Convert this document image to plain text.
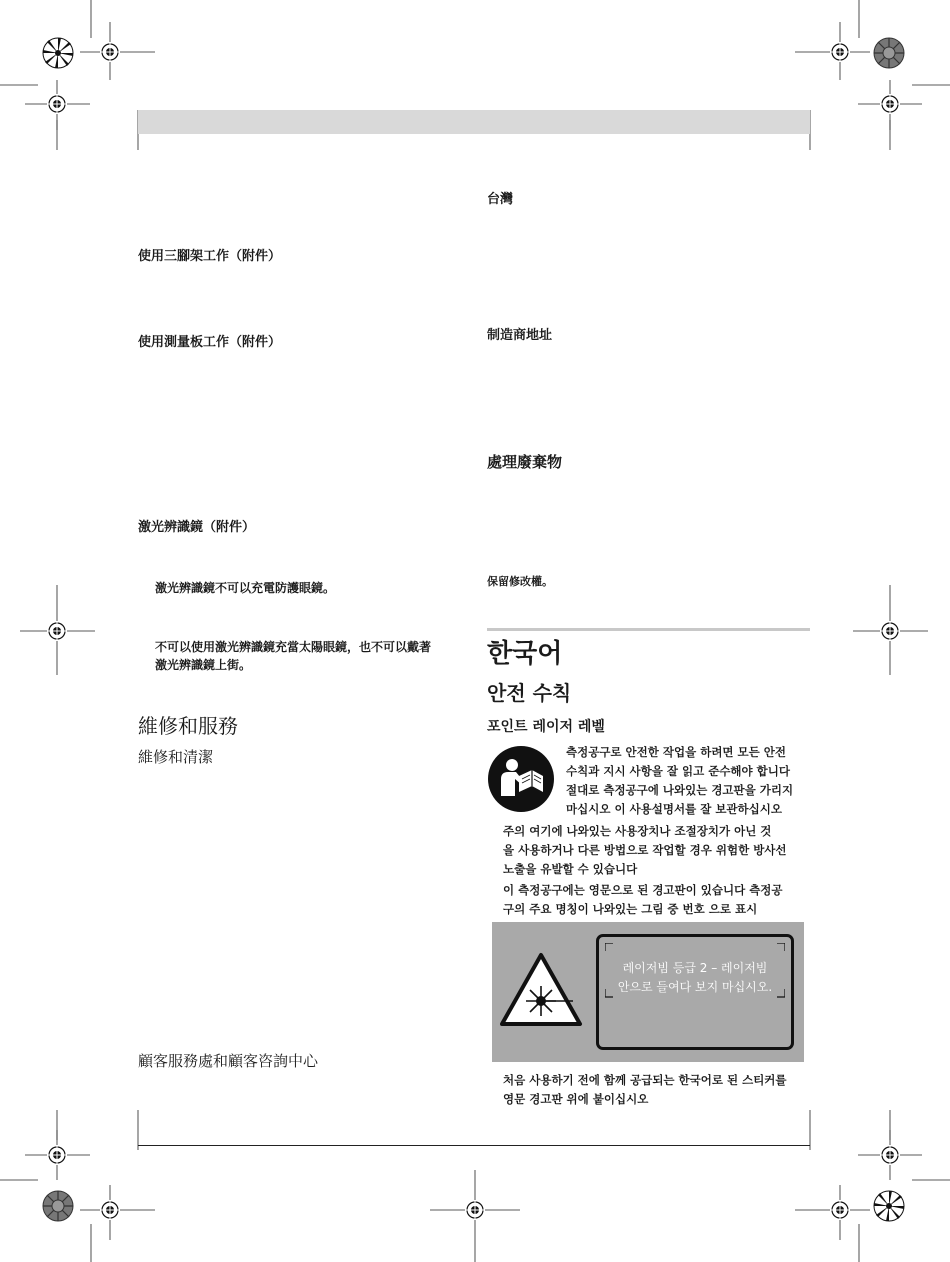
使用三腳架工作（附件）
使用測量板工作（附件）
激光辨識鏡（附件）
激光辨識鏡不可以充電防護眼鏡。
不可以使用激光辨識鏡充當太陽眼鏡，也不可以戴著
激光辨識鏡上街。
維修和服務
維修和清潔
顧客服務處和顧客咨詢中心
台灣
制造商地址
處理廢棄物
保留修改權。
한국어
안전 수칙
포인트 레이저 레벨
측정공구로 안전한 작업을 하려면 모든 안전
수칙과 지시 사항을 잘 읽고 준수해야 합니다
절대로 측정공구에 나와있는 경고판을 가리지
마십시오 이 사용설명서를 잘 보관하십시오
주의 여기에 나와있는 사용장치나 조절장치가 아닌 것
을 사용하거나 다른 방법으로 작업할 경우 위험한 방사선
노출을 유발할 수 있습니다
이 측정공구에는 영문으로 된 경고판이 있습니다 측정공
구의 주요 명칭이 나와있는 그림 중 번호 으로 표시
레이저빔 등급 2 – 레이저빔
안으로 들여다 보지 마십시오.
처음 사용하기 전에 함께 공급되는 한국어로 된 스티커를
영문 경고판 위에 붙이십시오
